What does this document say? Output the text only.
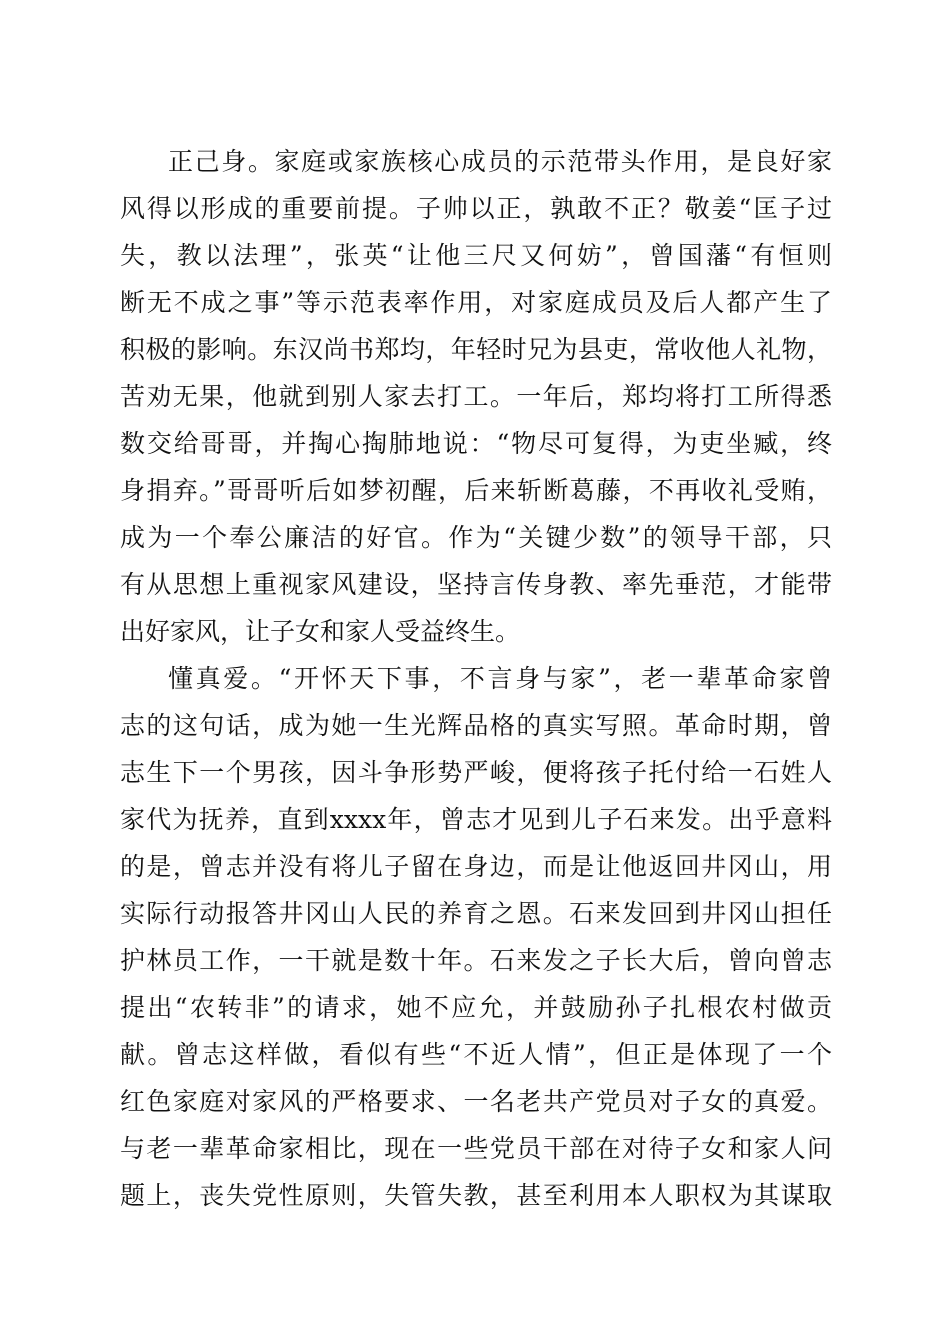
正己身。家庭或家族核心成员的示范带头作用，是良好家
风得以形成的重要前提。子帅以正，孰敢不正？敬姜“匡子过
失，教以法理”，张英“让他三尺又何妨”，曾国藩“有恒则
断无不成之事”等示范表率作用，对家庭成员及后人都产生了
积极的影响。东汉尚书郑均，年轻时兄为县吏，常收他人礼物，
苦劝无果，他就到别人家去打工。一年后，郑均将打工所得悉
数交给哥哥，并掏心掏肺地说：“物尽可复得，为吏坐臧，终
身捐弃。”哥哥听后如梦初醒，后来斩断葛藤，不再收礼受贿，
成为一个奉公廉洁的好官。作为“关键少数”的领导干部，只
有从思想上重视家风建设，坚持言传身教、率先垂范，才能带
出好家风，让子女和家人受益终生。
懂真爱。“开怀天下事，不言身与家”，老一辈革命家曾
志的这句话，成为她一生光辉品格的真实写照。革命时期，曾
志生下一个男孩，因斗争形势严峻，便将孩子托付给一石姓人
家代为抚养，直到xxxx年，曾志才见到儿子石来发。出乎意料
的是，曾志并没有将儿子留在身边，而是让他返回井冈山，用
实际行动报答井冈山人民的养育之恩。石来发回到井冈山担任
护林员工作，一干就是数十年。石来发之子长大后，曾向曾志
提出“农转非”的请求，她不应允，并鼓励孙子扎根农村做贡
献。曾志这样做，看似有些“不近人情”，但正是体现了一个
红色家庭对家风的严格要求、一名老共产党员对子女的真爱。
与老一辈革命家相比，现在一些党员干部在对待子女和家人问
题上，丧失党性原则，失管失教，甚至利用本人职权为其谋取
